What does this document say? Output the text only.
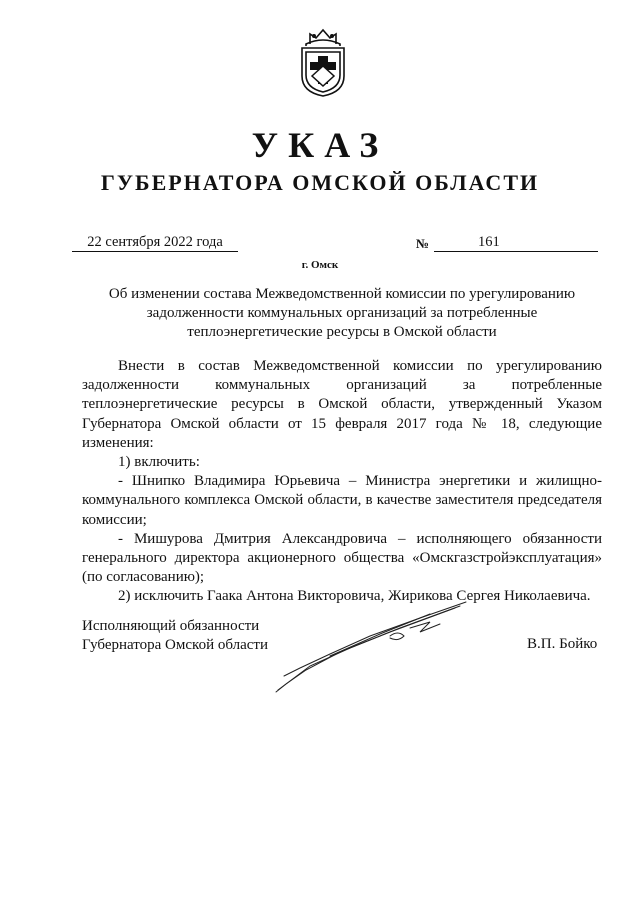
УКАЗ
ГУБЕРНАТОРА ОМСКОЙ ОБЛАСТИ
22 сентября 2022 года	№	161
г. Омск
Об изменении состава Межведомственной комиссии по урегулированию задолженности коммунальных организаций за потребленные теплоэнергетические ресурсы в Омской области

Внести в состав Межведомственной комиссии по урегулированию задолженности коммунальных организаций за потребленные теплоэнергетические ресурсы в Омской области, утвержденный Указом Губернатора Омской области от 15 февраля 2017 года № 18, следующие изменения:

1) включить:

- Шнипко Владимира Юрьевича – Министра энергетики и жилищно-коммунального комплекса Омской области, в качестве заместителя председателя комиссии;

- Мишурова Дмитрия Александровича – исполняющего обязанности генерального директора акционерного общества «Омскгазстройэксплуатация» (по согласованию);

2) исключить Гаака Антона Викторовича, Жирикова Сергея Николаевича.

Исполняющий обязанности
Губернатора Омской области	В.П. Бойко
